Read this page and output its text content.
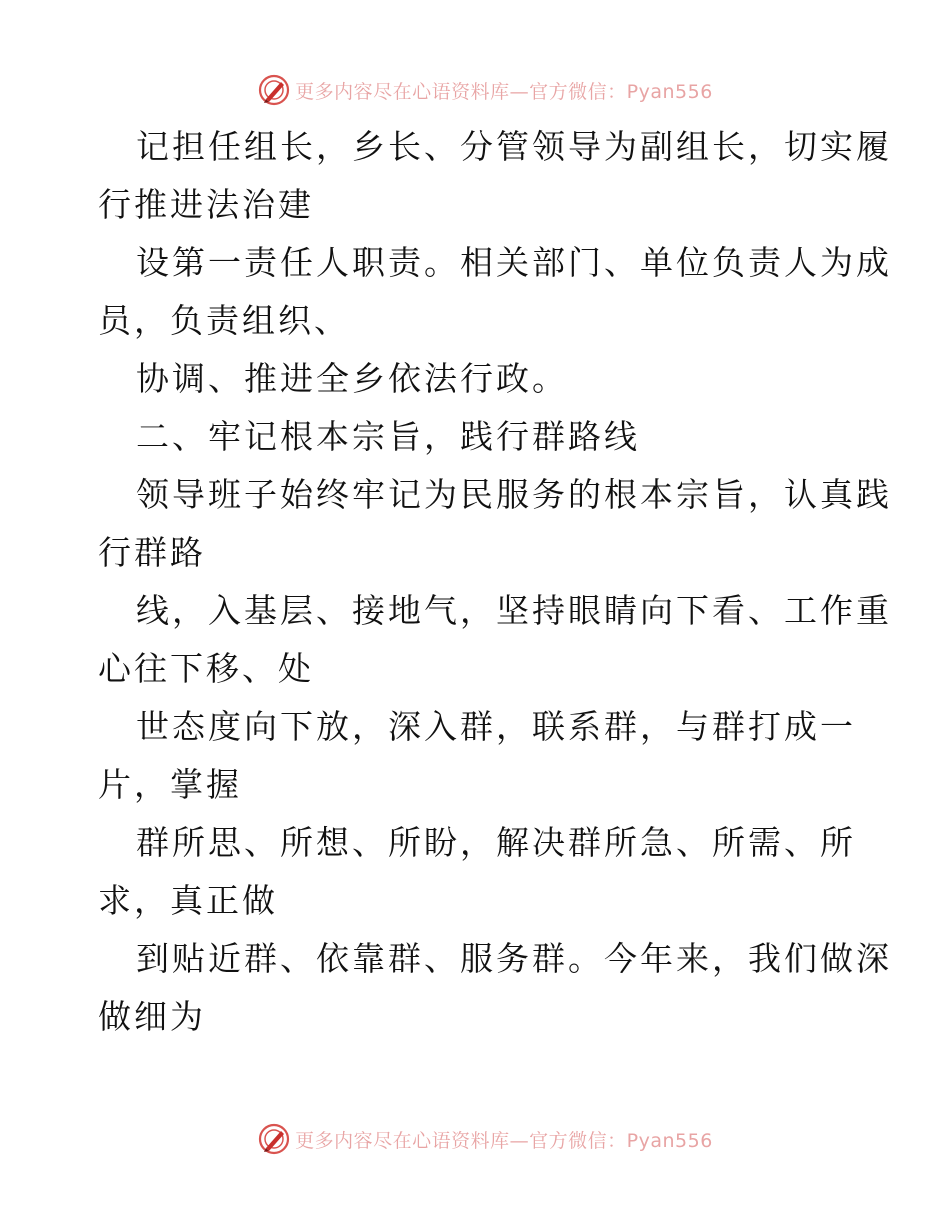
更多内容尽在心语资料库—官方微信：Pyan556
记担任组长，乡长、分管领导为副组长，切实履
行推进法治建
设第一责任人职责。相关部门、单位负责人为成
员，负责组织、
协调、推进全乡依法行政。
二、牢记根本宗旨，践行群路线
领导班子始终牢记为民服务的根本宗旨，认真践
行群路
线，入基层、接地气，坚持眼睛向下看、工作重
心往下移、处
世态度向下放，深入群，联系群，与群打成一
片，掌握
群所思、所想、所盼，解决群所急、所需、所
求，真正做
到贴近群、依靠群、服务群。今年来，我们做深
做细为
更多内容尽在心语资料库—官方微信：Pyan556
